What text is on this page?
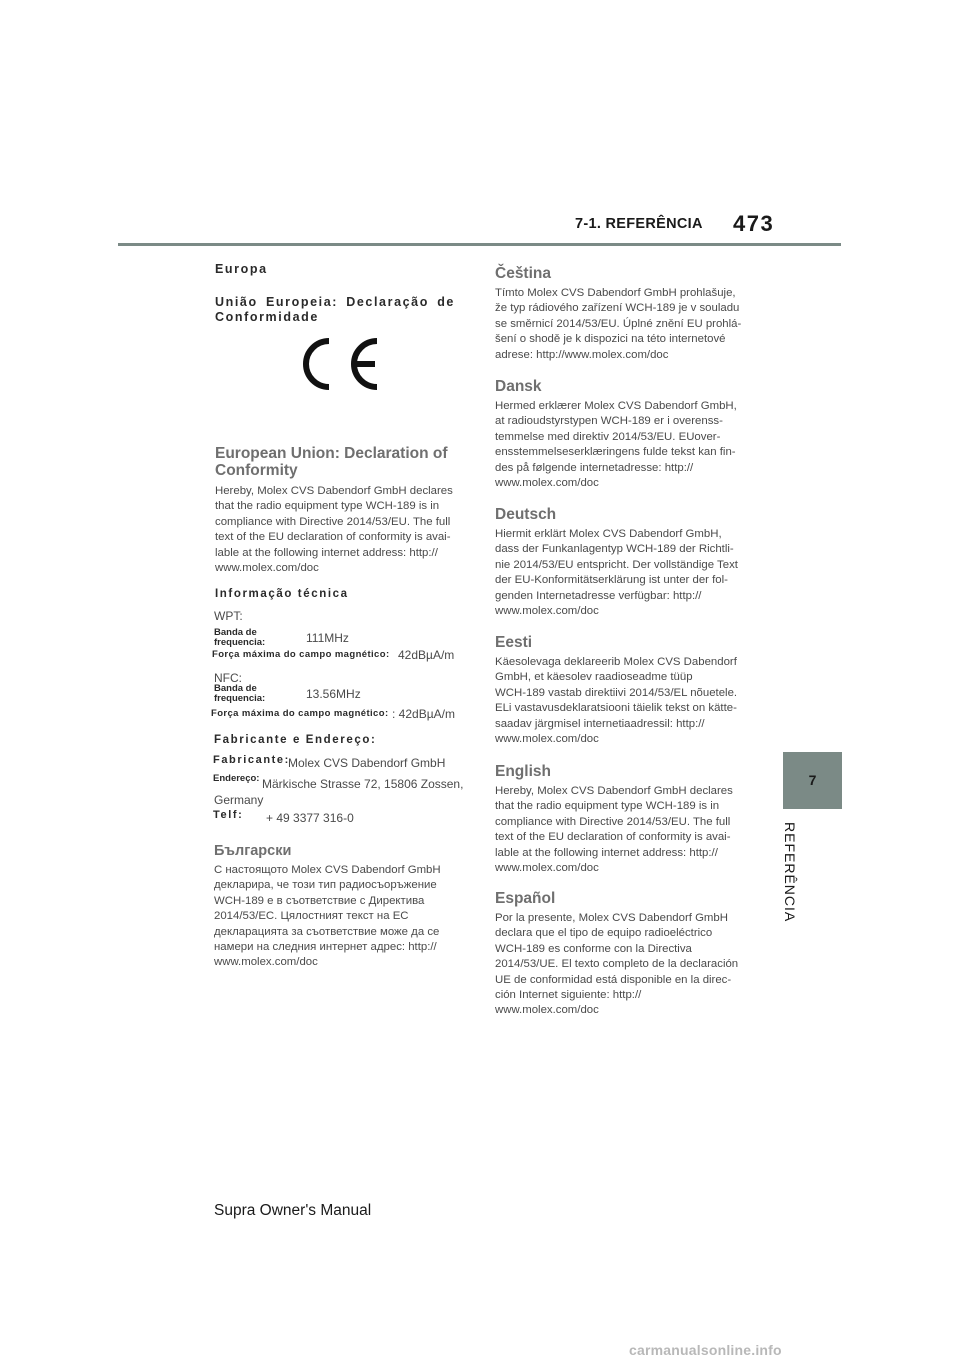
7-1. REFERÊNCIA 473
7
REFERÊNCIA
Europa
União Europeia: Declaração de
Conformidade
European Union: Declaration of
Conformity
Hereby, Molex CVS Dabendorf GmbH declares
that the radio equipment type WCH-189 is in
compliance with Directive 2014/53/EU. The full
text of the EU declaration of conformity is avai-
lable at the following internet address: http://
www.molex.com/doc
Informação técnica
WPT:
Banda de
frequencia:	111MHz
Força máxima do campo magnético: 42dBµA/m
NFC:
Banda de
frequencia:	13.56MHz
Força máxima do campo magnético: : 42dBµA/m
Fabricante e Endereço:
Fabricante:
Molex CVS Dabendorf GmbH
Endereço: Märkische Strasse 72, 15806 Zossen,
Germany
Telf: + 49 3377 316-0
Български
С настоящото Molex CVS Dabendorf GmbH
декларира, че този тип радиосъоръжение
WCH-189 е в съответствие с Директива
2014/53/ЕС. Цялостният текст на ЕС
декларацията за съответствие може да се
намери на следния интернет адрес: http://
www.molex.com/doc
Čeština
Tímto Molex CVS Dabendorf GmbH prohlašuje,
že typ rádiového zařízení WCH-189 je v souladu
se směrnicí 2014/53/EU. Úplné znění EU prohlá-
šení o shodě je k dispozici na této internetové
adrese: http://www.molex.com/doc
Dansk
Hermed erklærer Molex CVS Dabendorf GmbH,
at radioudstyrstypen WCH-189 er i overenss-
temmelse med direktiv 2014/53/EU. EUover-
ensstemmelseserklæringens fulde tekst kan fin-
des på følgende internetadresse: http://
www.molex.com/doc
Deutsch
Hiermit erklärt Molex CVS Dabendorf GmbH,
dass der Funkanlagentyp WCH-189 der Richtli-
nie 2014/53/EU entspricht. Der vollständige Text
der EU-Konformitätserklärung ist unter der fol-
genden Internetadresse verfügbar: http://
www.molex.com/doc
Eesti
Käesolevaga deklareerib Molex CVS Dabendorf
GmbH, et käesolev raadioseadme tüüp
WCH-189 vastab direktiivi 2014/53/EL nõuetele.
ELi vastavusdeklaratsiooni täielik tekst on kätte-
saadav järgmisel internetiaadressil: http://
www.molex.com/doc
English
Hereby, Molex CVS Dabendorf GmbH declares
that the radio equipment type WCH-189 is in
compliance with Directive 2014/53/EU. The full
text of the EU declaration of conformity is avai-
lable at the following internet address: http://
www.molex.com/doc
Español
Por la presente, Molex CVS Dabendorf GmbH
declara que el tipo de equipo radioeléctrico
WCH-189 es conforme con la Directiva
2014/53/UE. El texto completo de la declaración
UE de conformidad está disponible en la direc-
ción Internet siguiente: http://
www.molex.com/doc
Supra Owner's Manual
carmanualsonline.info
